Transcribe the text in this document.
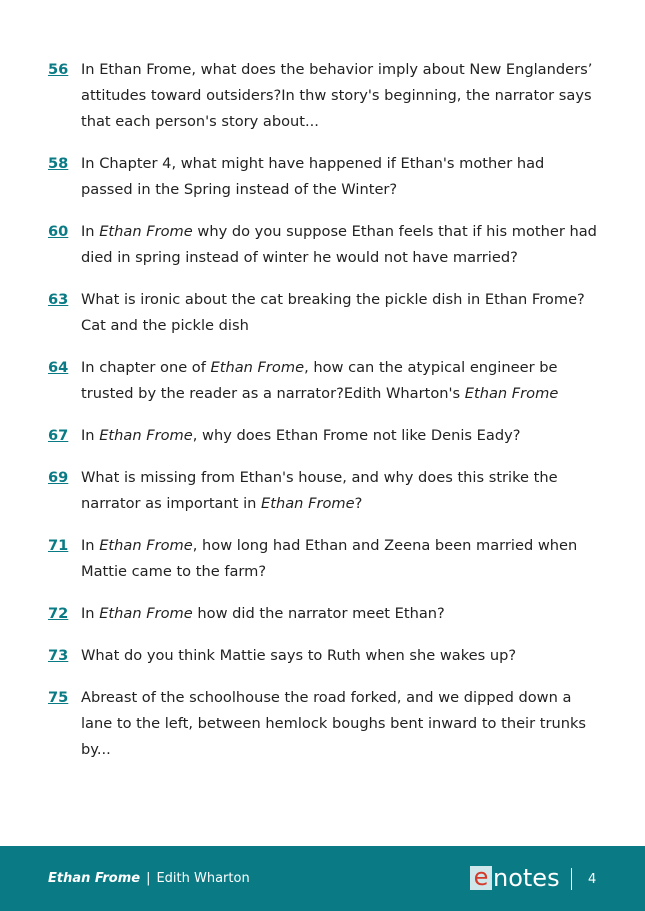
56 In Ethan Frome, what does the behavior imply about New Englanders’ attitudes toward outsiders?In thw story's beginning, the narrator says that each person's story about...
58 In Chapter 4, what might have happened if Ethan's mother had passed in the Spring instead of the Winter?
60 In Ethan Frome why do you suppose Ethan feels that if his mother had died in spring instead of winter he would not have married?
63 What is ironic about the cat breaking the pickle dish in Ethan Frome? Cat and the pickle dish
64 In chapter one of Ethan Frome, how can the atypical engineer be trusted by the reader as a narrator?Edith Wharton's Ethan Frome
67 In Ethan Frome, why does Ethan Frome not like Denis Eady?
69 What is missing from Ethan's house, and why does this strike the narrator as important in Ethan Frome?
71 In Ethan Frome, how long had Ethan and Zeena been married when Mattie came to the farm?
72 In Ethan Frome how did the narrator meet Ethan?
73 What do you think Mattie says to Ruth when she wakes up?
75 Abreast of the schoolhouse the road forked, and we dipped down a lane to the left, between hemlock boughs bent inward to their trunks by...
Ethan Frome | Edith Wharton	e notes 4
